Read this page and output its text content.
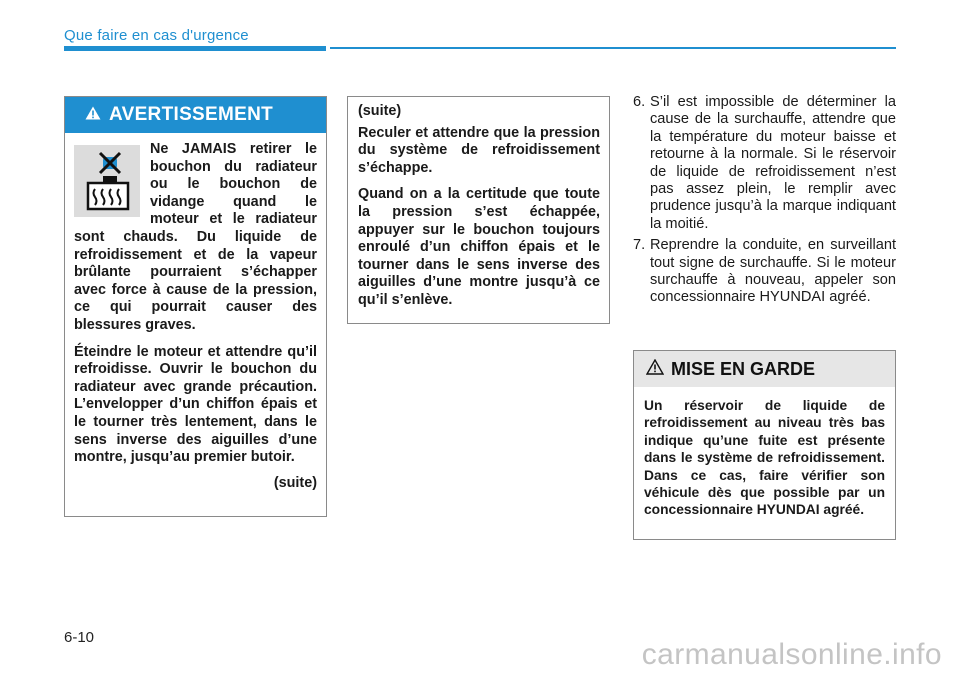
Que faire en cas d'urgence
AVERTISSEMENT

Ne JAMAIS retirer le bouchon du radiateur ou le bouchon de vidange quand le moteur et le radiateur sont chauds. Du liquide de refroidissement et de la vapeur brûlante pourraient s’échapper avec force à cause de la pression, ce qui pourrait causer des blessures graves.

Éteindre le moteur et attendre qu’il refroidisse. Ouvrir le bouchon du radiateur avec grande précaution. L’envelopper d’un chiffon épais et le tourner très lentement, dans le sens inverse des aiguilles d’une montre, jusqu’au premier butoir.

(suite)

(suite)

Reculer et attendre que la pression du système de refroidissement s’échappe.

Quand on a la certitude que toute la pression s’est échappée, appuyer sur le bouchon toujours enroulé d’un chiffon épais et le tourner dans le sens inverse des aiguilles d’une montre jusqu’à ce qu’il s’enlève.

6. S’il est impossible de déterminer la cause de la surchauffe, attendre que la température du moteur baisse et retourne à la normale. Si le réservoir de liquide de refroidissement n’est pas assez plein, le remplir avec prudence jusqu’à la marque indiquant la moitié.
7. Reprendre la conduite, en surveillant tout signe de surchauffe. Si le moteur surchauffe à nouveau, appeler son concessionnaire HYUNDAI agréé.
MISE EN GARDE

Un réservoir de liquide de refroidissement au niveau très bas indique qu’une fuite est présente dans le système de refroidissement. Dans ce cas, faire vérifier son véhicule dès que possible par un concessionnaire HYUNDAI agréé.

6-10
carmanualsonline.info
